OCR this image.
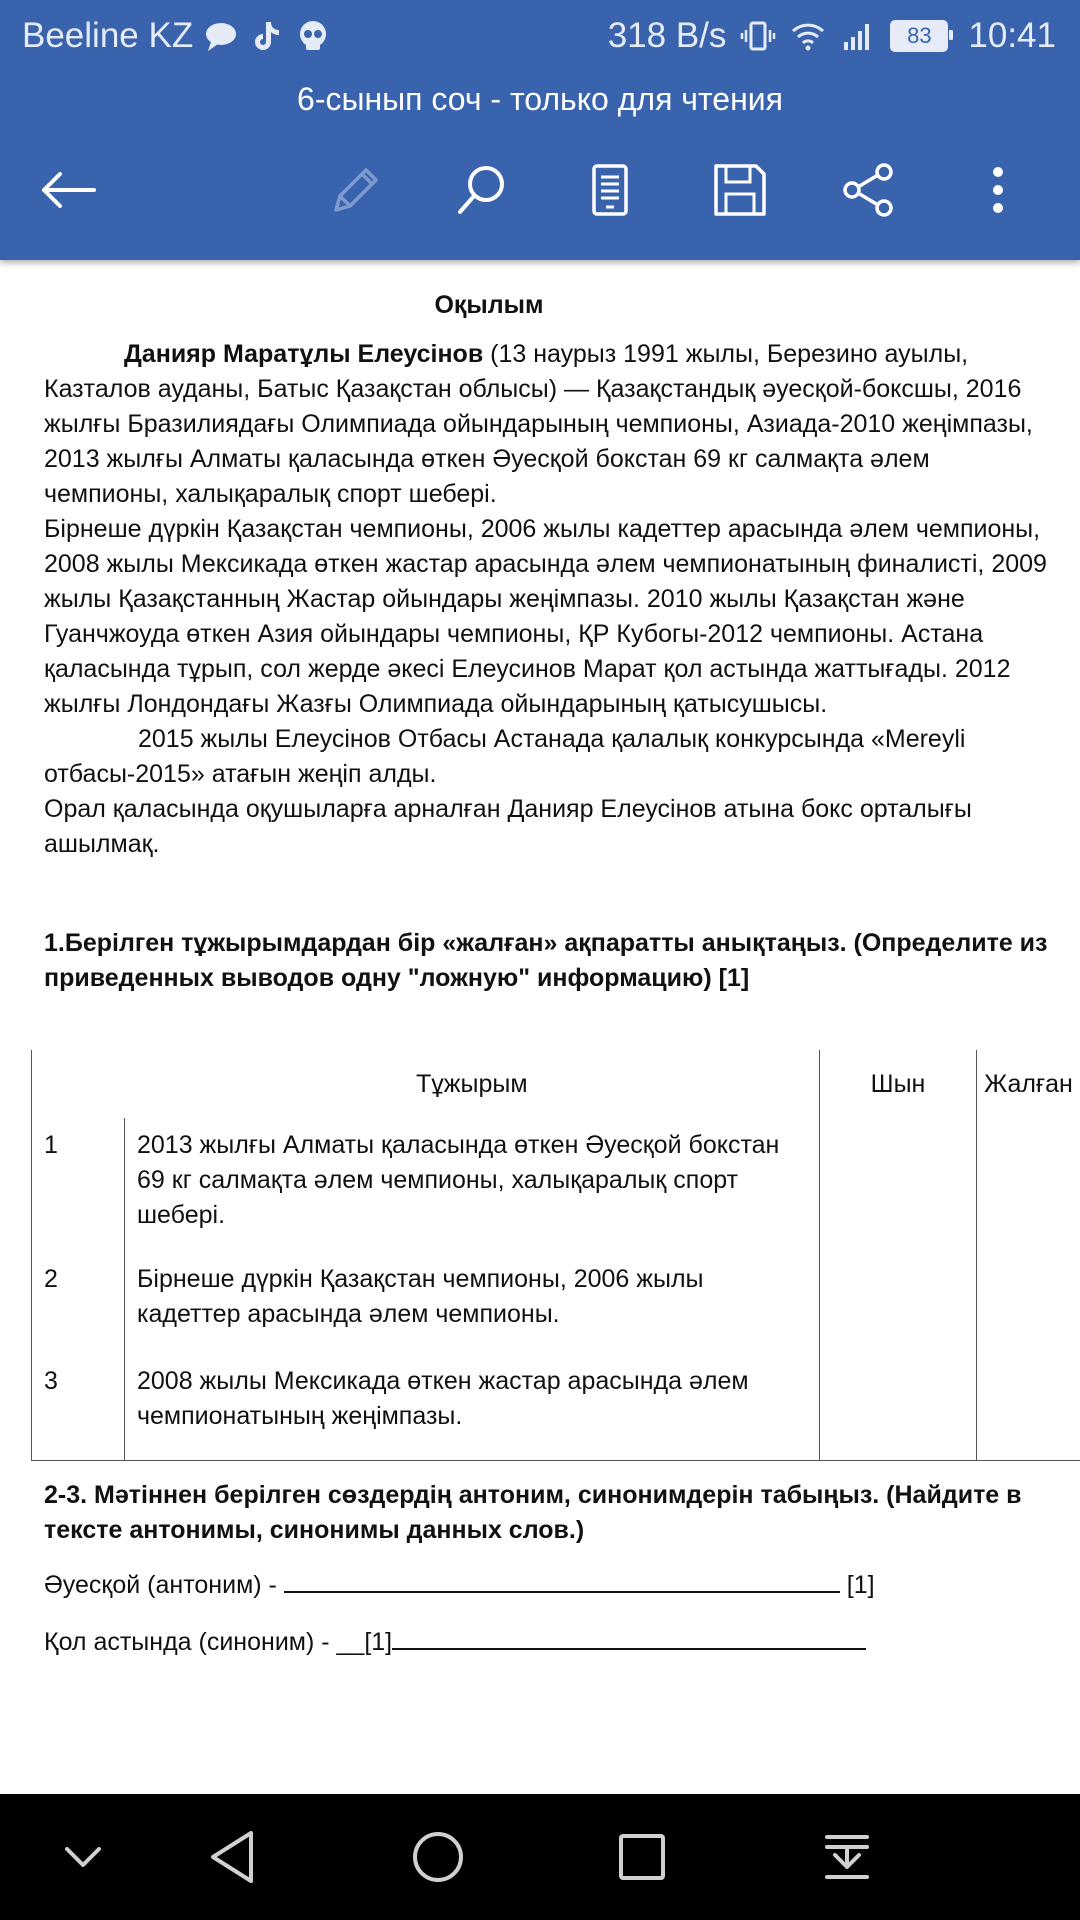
Beeline KZ	318 B/s	83	10:41
6-сынып соч - только для чтения

Оқылым

Данияр Маратұлы Елеусінов (13 наурыз 1991 жылы, Березино ауылы, Казталов ауданы, Батыс Қазақстан облысы) — Қазақстандық әуесқой-боксшы, 2016 жылғы Бразилиядағы Олимпиада ойындарының чемпионы, Азиада-2010 жеңімпазы, 2013 жылғы Алматы қаласында өткен Әуесқой бокстан 69 кг салмақта әлем чемпионы, халықаралық спорт шебері.

Бірнеше дүркін Қазақстан чемпионы, 2006 жылы кадеттер арасында әлем чемпионы, 2008 жылы Мексикада өткен жастар арасында әлем чемпионатының финалисті, 2009 жылы Қазақстанның Жастар ойындары жеңімпазы. 2010 жылы Қазақстан және Гуанчжоуда өткен Азия ойындары чемпионы, ҚР Кубогы-2012 чемпионы. Астана қаласында тұрып, сол жерде әкесі Елеусинов Марат қол астында жаттығады. 2012 жылғы Лондондағы Жазғы Олимпиада ойындарының қатысушысы.

2015 жылы Елеусінов Отбасы Астанада қалалық конкурсында «Mereyli отбасы-2015» атағын жеңіп алды.

Орал қаласында оқушыларға арналған Данияр Елеусінов атына бокс орталығы ашылмақ.

1.Берілген тұжырымдардан бір «жалған» ақпаратты анықтаңыз. (Определите из приведенных выводов одну "ложную" информацию) [1]

	Тұжырым	Шын	Жалған
1	2013 жылғы Алматы қаласында өткен Әуесқой бокстан 69 кг салмақта әлем чемпионы, халықаралық спорт шебері.		
2	Бірнеше дүркін Қазақстан чемпионы, 2006 жылы кадеттер арасында әлем чемпионы.		
3	2008 жылы Мексикада өткен жастар арасында әлем чемпионатының жеңімпазы.		

2-3. Мәтіннен берілген сөздердің антоним, синонимдерін табыңыз. (Найдите в тексте антонимы, синонимы данных слов.)

Әуесқой (антоним) -	[1]
Қол астында (синоним) - __[1]
